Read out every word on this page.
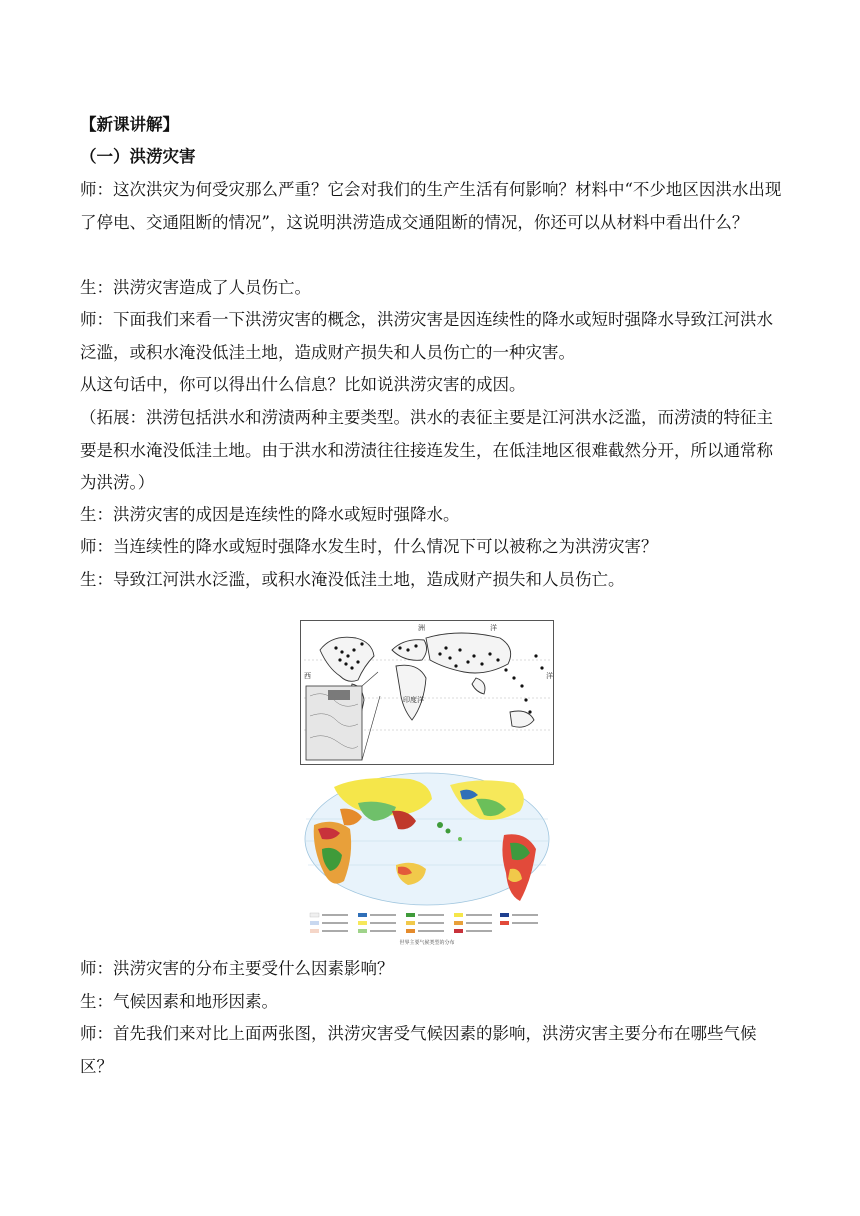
【新课讲解】

（一）洪涝灾害

师：这次洪灾为何受灾那么严重？它会对我们的生产生活有何影响？材料中“不少地区因洪水出现了停电、交通阻断的情况”，这说明洪涝造成交通阻断的情况，你还可以从材料中看出什么？

生：洪涝灾害造成了人员伤亡。

师：下面我们来看一下洪涝灾害的概念，洪涝灾害是因连续性的降水或短时强降水导致江河洪水泛滥，或积水淹没低洼土地，造成财产损失和人员伤亡的一种灾害。

从这句话中，你可以得出什么信息？比如说洪涝灾害的成因。

（拓展：洪涝包括洪水和涝渍两种主要类型。洪水的表征主要是江河洪水泛滥，而涝渍的特征主要是积水淹没低洼土地。由于洪水和涝渍往往接连发生，在低洼地区很难截然分开，所以通常称为洪涝。）

生：洪涝灾害的成因是连续性的降水或短时强降水。

师：当连续性的降水或短时强降水发生时，什么情况下可以被称之为洪涝灾害？

生：导致江河洪水泛滥，或积水淹没低洼土地，造成财产损失和人员伤亡。

洲	洋
西	洋
印度洋
世界主要气候类型的分布

师：洪涝灾害的分布主要受什么因素影响？

生：气候因素和地形因素。

师：首先我们来对比上面两张图，洪涝灾害受气候因素的影响，洪涝灾害主要分布在哪些气候区？
